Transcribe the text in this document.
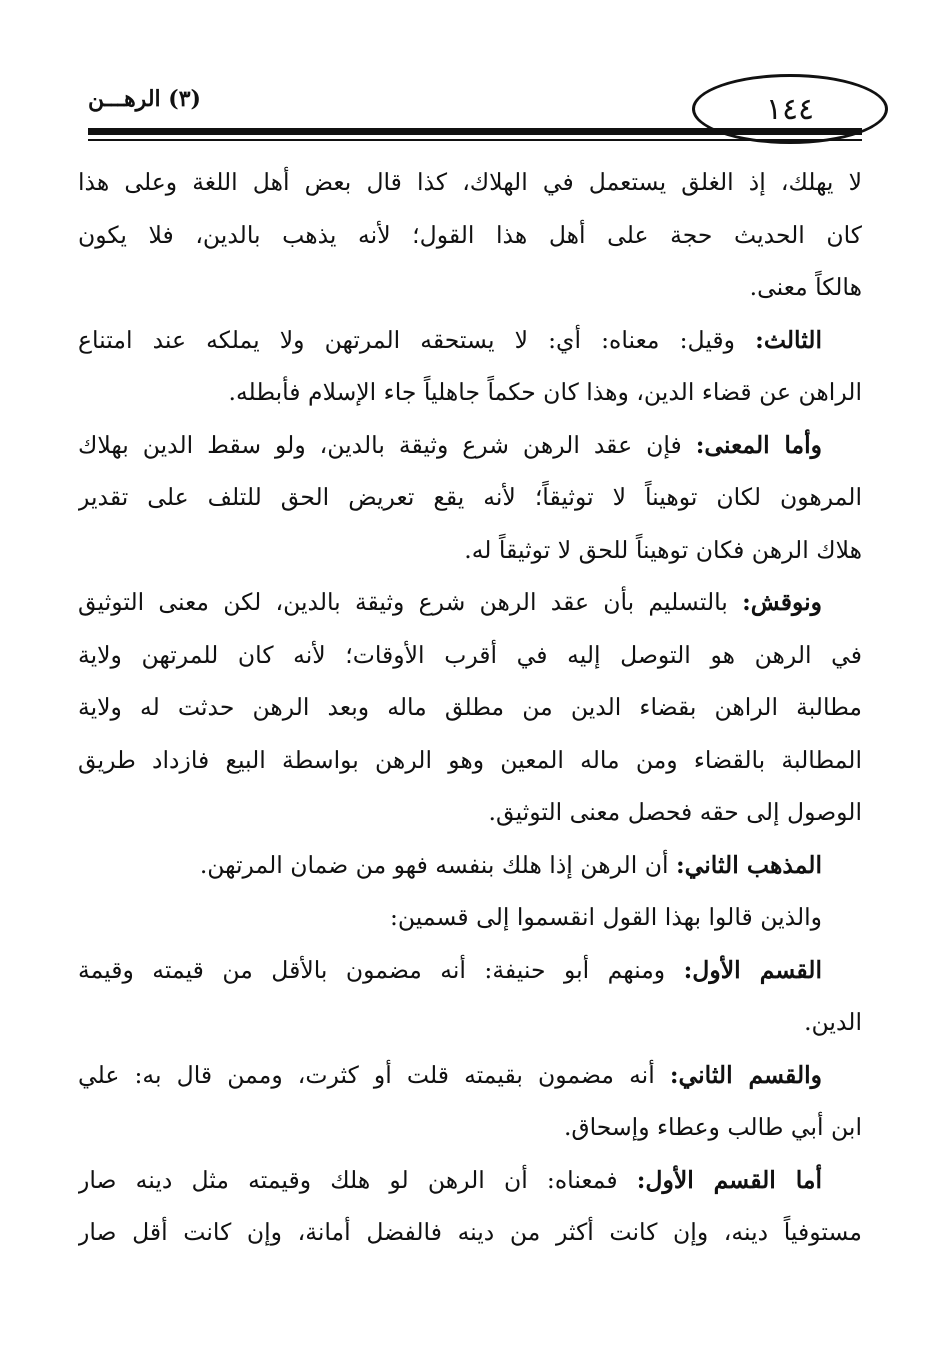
(٣) الرهـــن	١٤٤
لا يهلك، إذ الغلق يستعمل في الهلاك، كذا قال بعض أهل اللغة وعلى هذا
كان الحديث حجة على أهل هذا القول؛ لأنه يذهب بالدين، فلا يكون
هالكاً معنى.
الثالث: وقيل: معناه: أي: لا يستحقه المرتهن ولا يملكه عند امتناع
الراهن عن قضاء الدين، وهذا كان حكماً جاهلياً جاء الإسلام فأبطله.
وأما المعنى: فإن عقد الرهن شرع وثيقة بالدين، ولو سقط الدين بهلاك
المرهون لكان توهيناً لا توثيقاً؛ لأنه يقع تعريض الحق للتلف على تقدير
هلاك الرهن فكان توهيناً للحق لا توثيقاً له.
ونوقش: بالتسليم بأن عقد الرهن شرع وثيقة بالدين، لكن معنى التوثيق
في الرهن هو التوصل إليه في أقرب الأوقات؛ لأنه كان للمرتهن ولاية
مطالبة الراهن بقضاء الدين من مطلق ماله وبعد الرهن حدثت له ولاية
المطالبة بالقضاء ومن ماله المعين وهو الرهن بواسطة البيع فازداد طريق
الوصول إلى حقه فحصل معنى التوثيق.
المذهب الثاني: أن الرهن إذا هلك بنفسه فهو من ضمان المرتهن.
والذين قالوا بهذا القول انقسموا إلى قسمين:
القسم الأول: ومنهم أبو حنيفة: أنه مضمون بالأقل من قيمته وقيمة
الدين.
والقسم الثاني: أنه مضمون بقيمته قلت أو كثرت، وممن قال به: علي
ابن أبي طالب وعطاء وإسحاق.
أما القسم الأول: فمعناه: أن الرهن لو هلك وقيمته مثل دينه صار
مستوفياً دينه، وإن كانت أكثر من دينه فالفضل أمانة، وإن كانت أقل صار
